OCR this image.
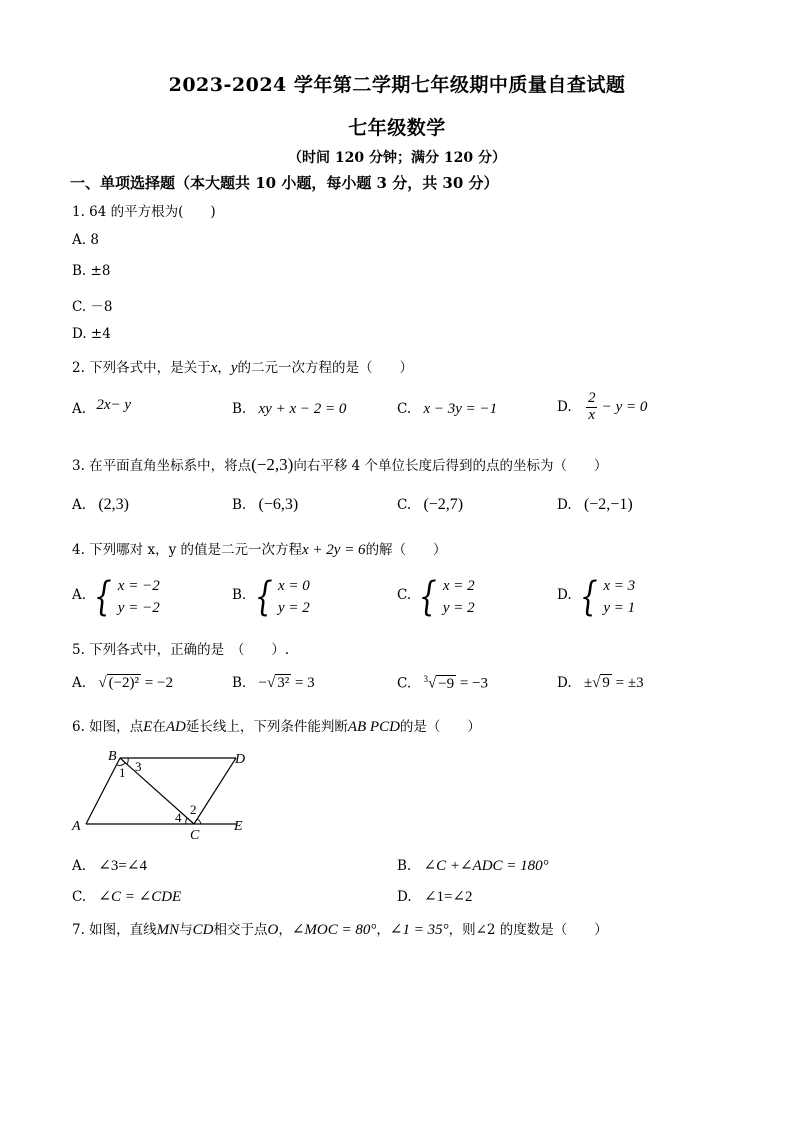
2023-2024 学年第二学期七年级期中质量自查试题
七年级数学
（时间 120 分钟；满分 120 分）
一、单项选择题（本大题共 10 小题，每小题 3 分，共 30 分）
1. 64 的平方根为(　　)
A. 8
B. ±8
C. －8
D. ±4
2. 下列各式中，是关于x，y的二元一次方程的是（　　）
A. 2x− y	B. xy + x − 2 = 0	C. x − 3y = −1	D. $\frac{2}{x} - y = 0$
3. 在平面直角坐标系中，将点(−2,3)向右平移 4 个单位长度后得到的点的坐标为（　　）
A. (2,3)	B. (−6,3)	C. (−2,7)	D. (−2,−1)
4. 下列哪对 x，y 的值是二元一次方程x + 2y = 6的解（　　）
A. { x = −2
y = −2
B. { x = 0
y = 2
C. { x = 2
y = 2
D. { x = 3
y = 1
5. 下列各式中，正确的是　（　　）.
A. √ (−2)² = −2	B. −√ 3² = 3	C. $^3$√ −9 = −3	D. ±√ 9 = ±3
6. 如图，点E在AD延长线上，下列条件能判断AB PCD的是（　　）
B	D
A
C
E
1 3
4
2
A. ∠3=∠4	B. ∠C +∠ADC = 180°
C. ∠C = ∠CDE	D. ∠1=∠2
7. 如图，直线MN与CD相交于点O，∠MOC = 80°，∠1 = 35°，则∠2 的度数是（　　）
